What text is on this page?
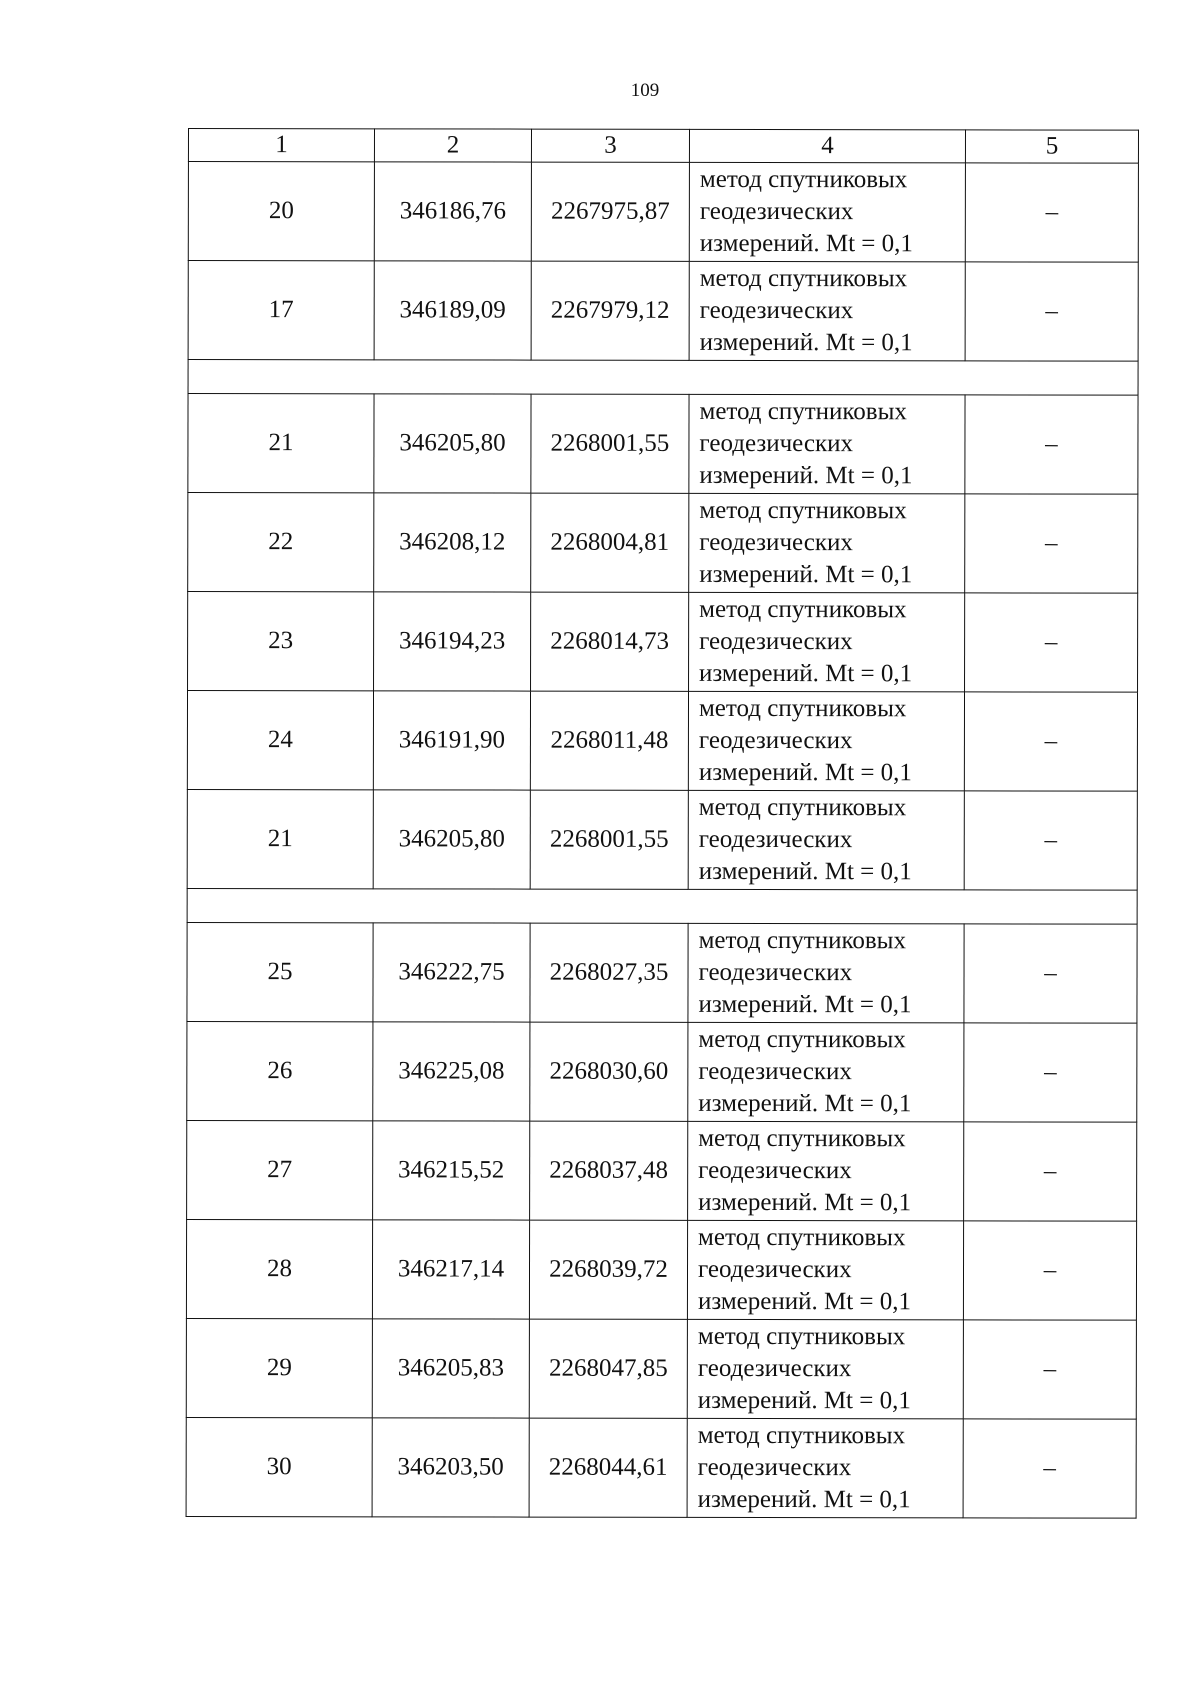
109
1	2	3	4	5
20	346186,76	2267975,87	метод спутниковых
геодезических
измерений. Mt = 0,1	–
17	346189,09	2267979,12	метод спутниковых
геодезических
измерений. Mt = 0,1	–

21	346205,80	2268001,55	метод спутниковых
геодезических
измерений. Mt = 0,1	–
22	346208,12	2268004,81	метод спутниковых
геодезических
измерений. Mt = 0,1	–
23	346194,23	2268014,73	метод спутниковых
геодезических
измерений. Mt = 0,1	–
24	346191,90	2268011,48	метод спутниковых
геодезических
измерений. Mt = 0,1	–
21	346205,80	2268001,55	метод спутниковых
геодезических
измерений. Mt = 0,1	–

25	346222,75	2268027,35	метод спутниковых
геодезических
измерений. Mt = 0,1	–
26	346225,08	2268030,60	метод спутниковых
геодезических
измерений. Mt = 0,1	–
27	346215,52	2268037,48	метод спутниковых
геодезических
измерений. Mt = 0,1	–
28	346217,14	2268039,72	метод спутниковых
геодезических
измерений. Mt = 0,1	–
29	346205,83	2268047,85	метод спутниковых
геодезических
измерений. Mt = 0,1	–
30	346203,50	2268044,61	метод спутниковых
геодезических
измерений. Mt = 0,1	–
